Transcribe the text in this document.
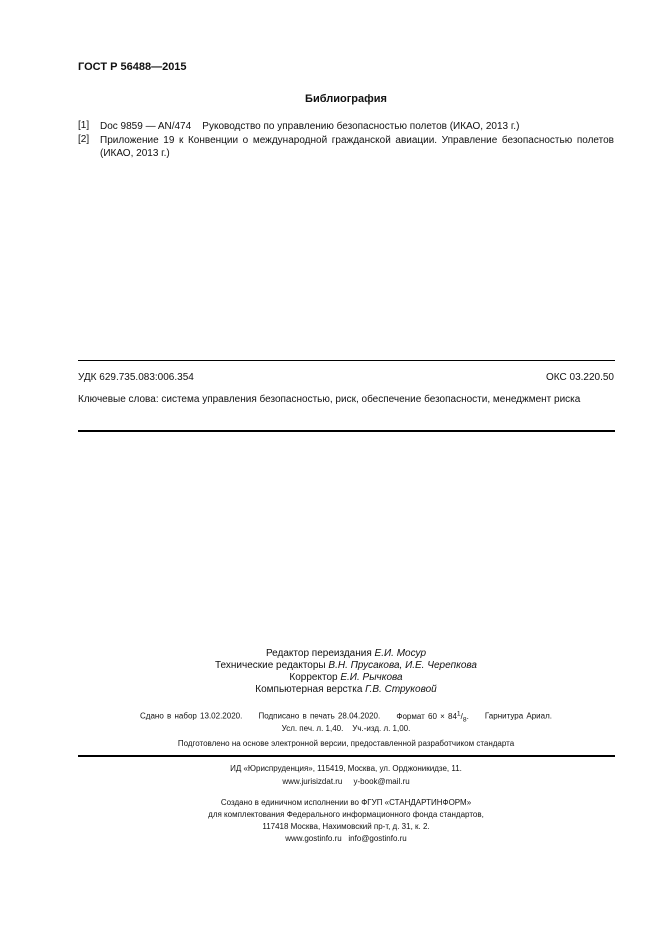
ГОСТ Р 56488—2015
Библиография
[1] Doc 9859 — AN/474    Руководство по управлению безопасностью полетов (ИКАО, 2013 г.)
[2] Приложение 19 к Конвенции о международной гражданской авиации. Управление безопасностью полетов (ИКАО, 2013 г.)
УДК 629.735.083:006.354	ОКС 03.220.50
Ключевые слова: система управления безопасностью, риск, обеспечение безопасности, менеджмент риска
Редактор переиздания Е.И. Мосур
Технические редакторы В.Н. Прусакова, И.Е. Черепкова
Корректор Е.И. Рычкова
Компьютерная верстка Г.В. Струковой
Сдано в набор 13.02.2020. Подписано в печать 28.04.2020. Формат $60 \times 84^1/_8$. Гарнитура Ариал.
Усл. печ. л. 1,40. Уч.-изд. л. 1,00.
Подготовлено на основе электронной версии, предоставленной разработчиком стандарта
ИД «Юриспруденция», 115419, Москва, ул. Орджоникидзе, 11.
www.jurisizdat.ru y-book@mail.ru
Создано в единичном исполнении во ФГУП «СТАНДАРТИНФОРМ»
для комплектования Федерального информационного фонда стандартов,
117418 Москва, Нахимовский пр-т, д. 31, к. 2.
www.gostinfo.ru info@gostinfo.ru
